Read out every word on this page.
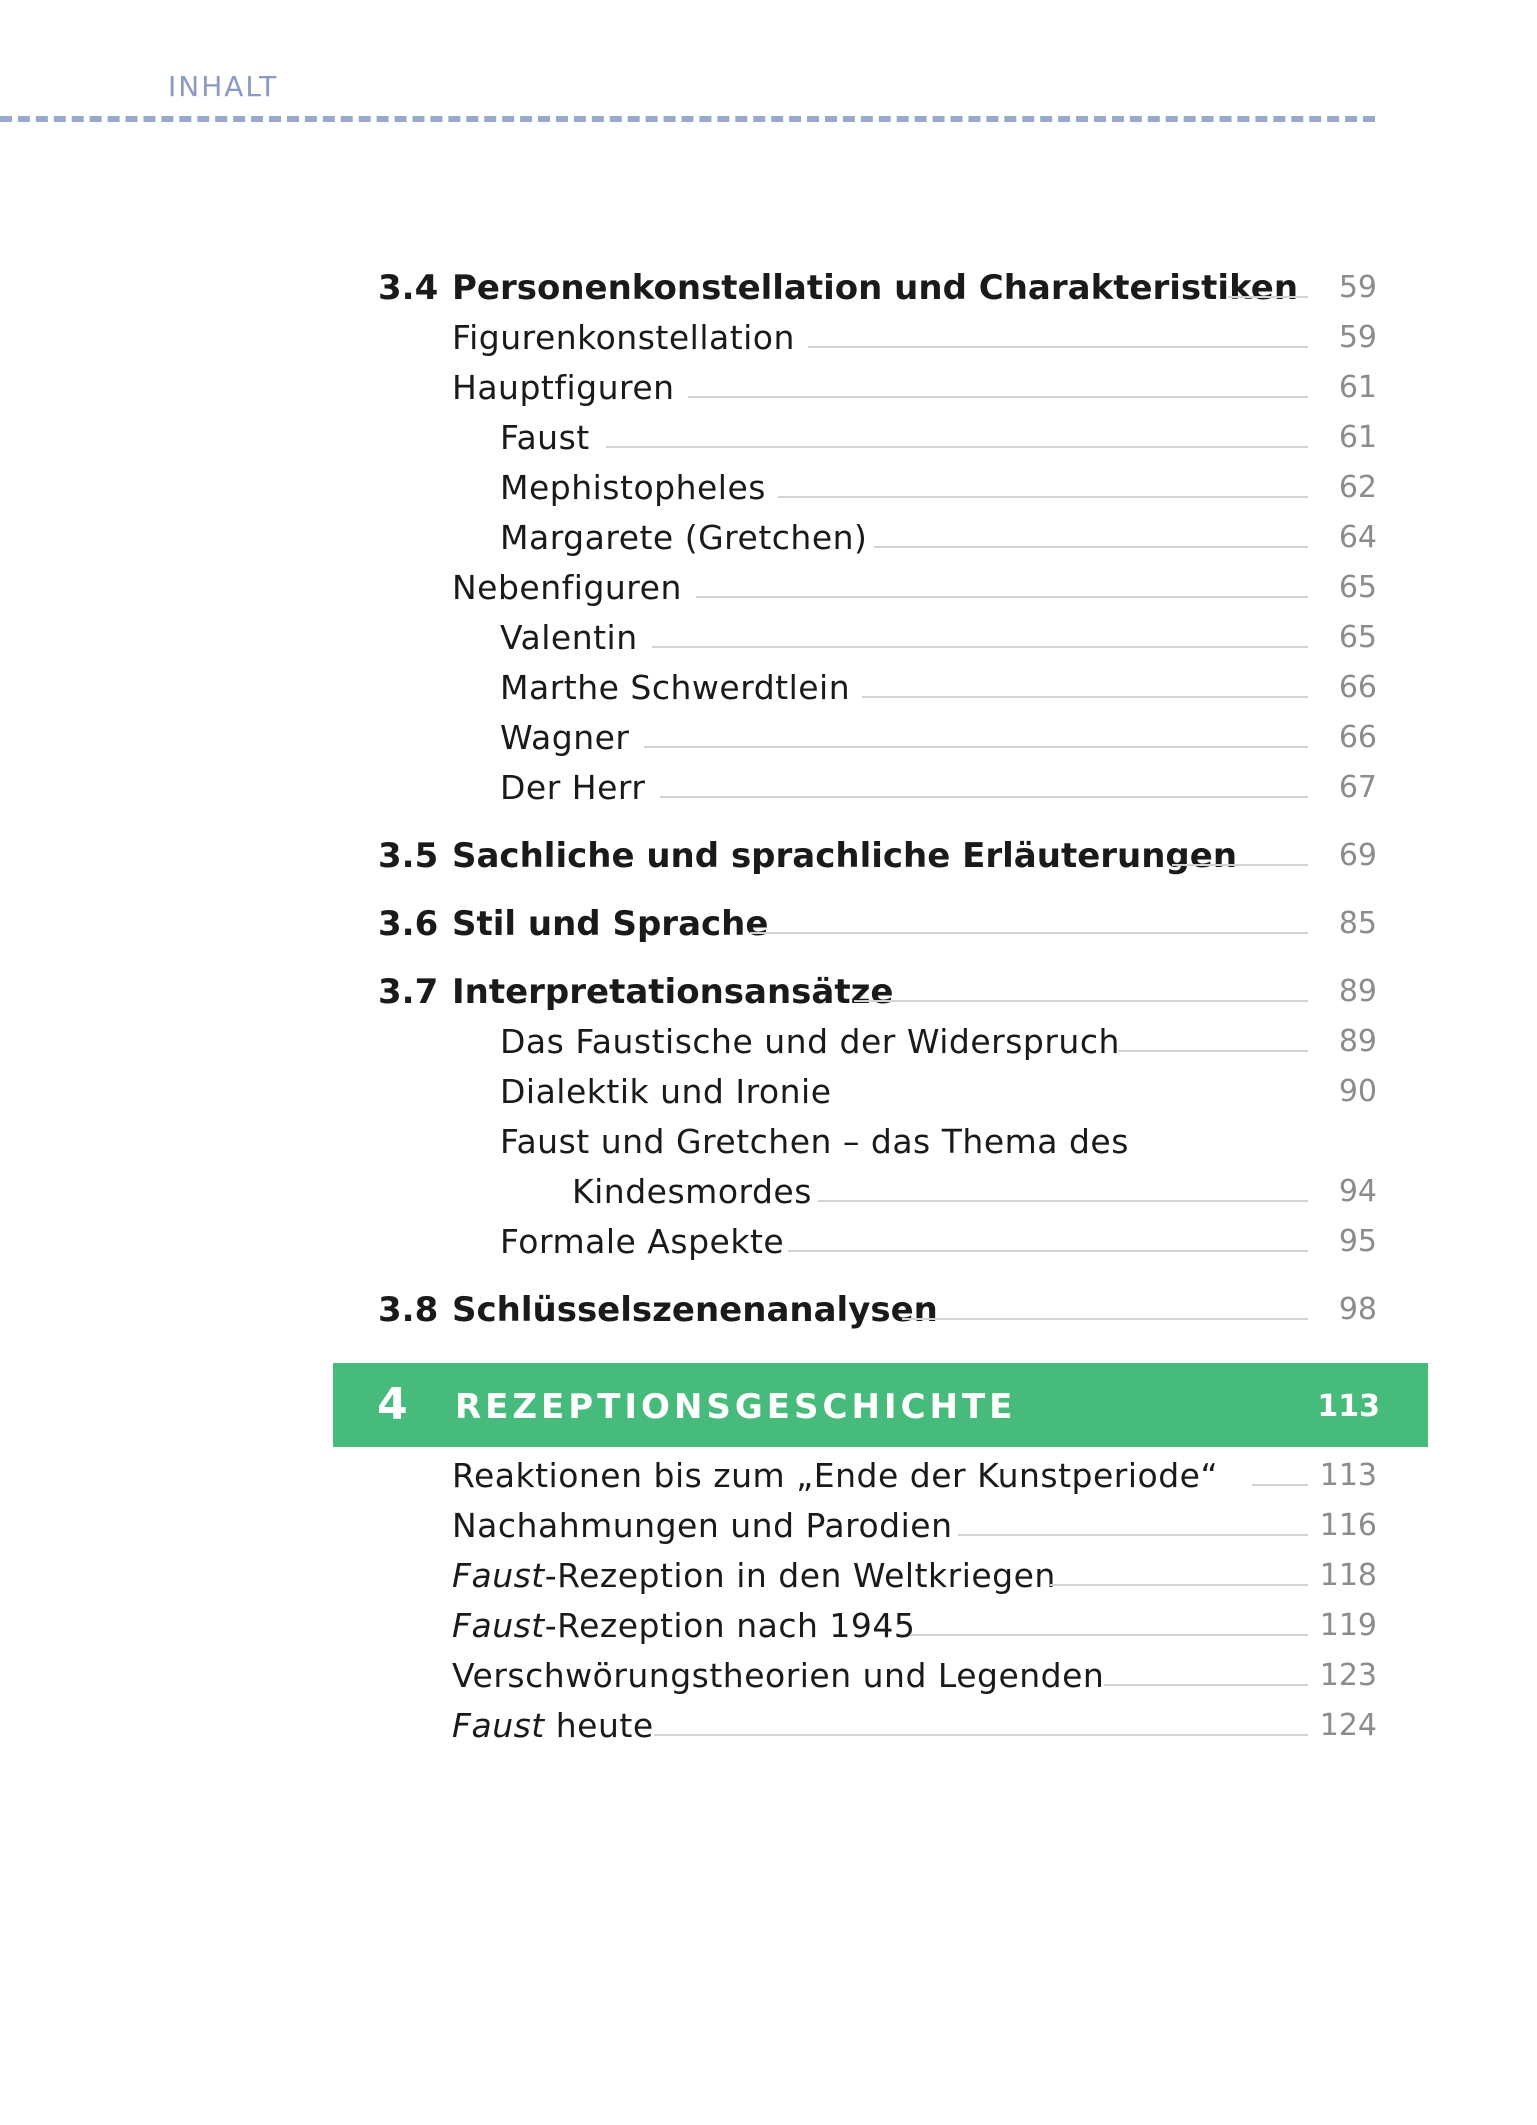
INHALT
3.4 Personenkonstellation und Charakteristiken	59
Figurenkonstellation	59
Hauptfiguren	61
Faust	61
Mephistopheles	62
Margarete (Gretchen)	64
Nebenfiguren	65
Valentin	65
Marthe Schwerdtlein	66
Wagner	66
Der Herr	67
3.5 Sachliche und sprachliche Erläuterungen	69
3.6 Stil und Sprache	85
3.7 Interpretationsansätze	89
Das Faustische und der Widerspruch	89
Dialektik und Ironie	90
Faust und Gretchen – das Thema des
Kindesmordes	94
Formale Aspekte	95
3.8 Schlüsselszenenanalysen	98
4 REZEPTIONSGESCHICHTE	113
Reaktionen bis zum „Ende der Kunstperiode“	113
Nachahmungen und Parodien	116
Faust-Rezeption in den Weltkriegen	118
Faust-Rezeption nach 1945	119
Verschwörungstheorien und Legenden	123
Faust heute	124
